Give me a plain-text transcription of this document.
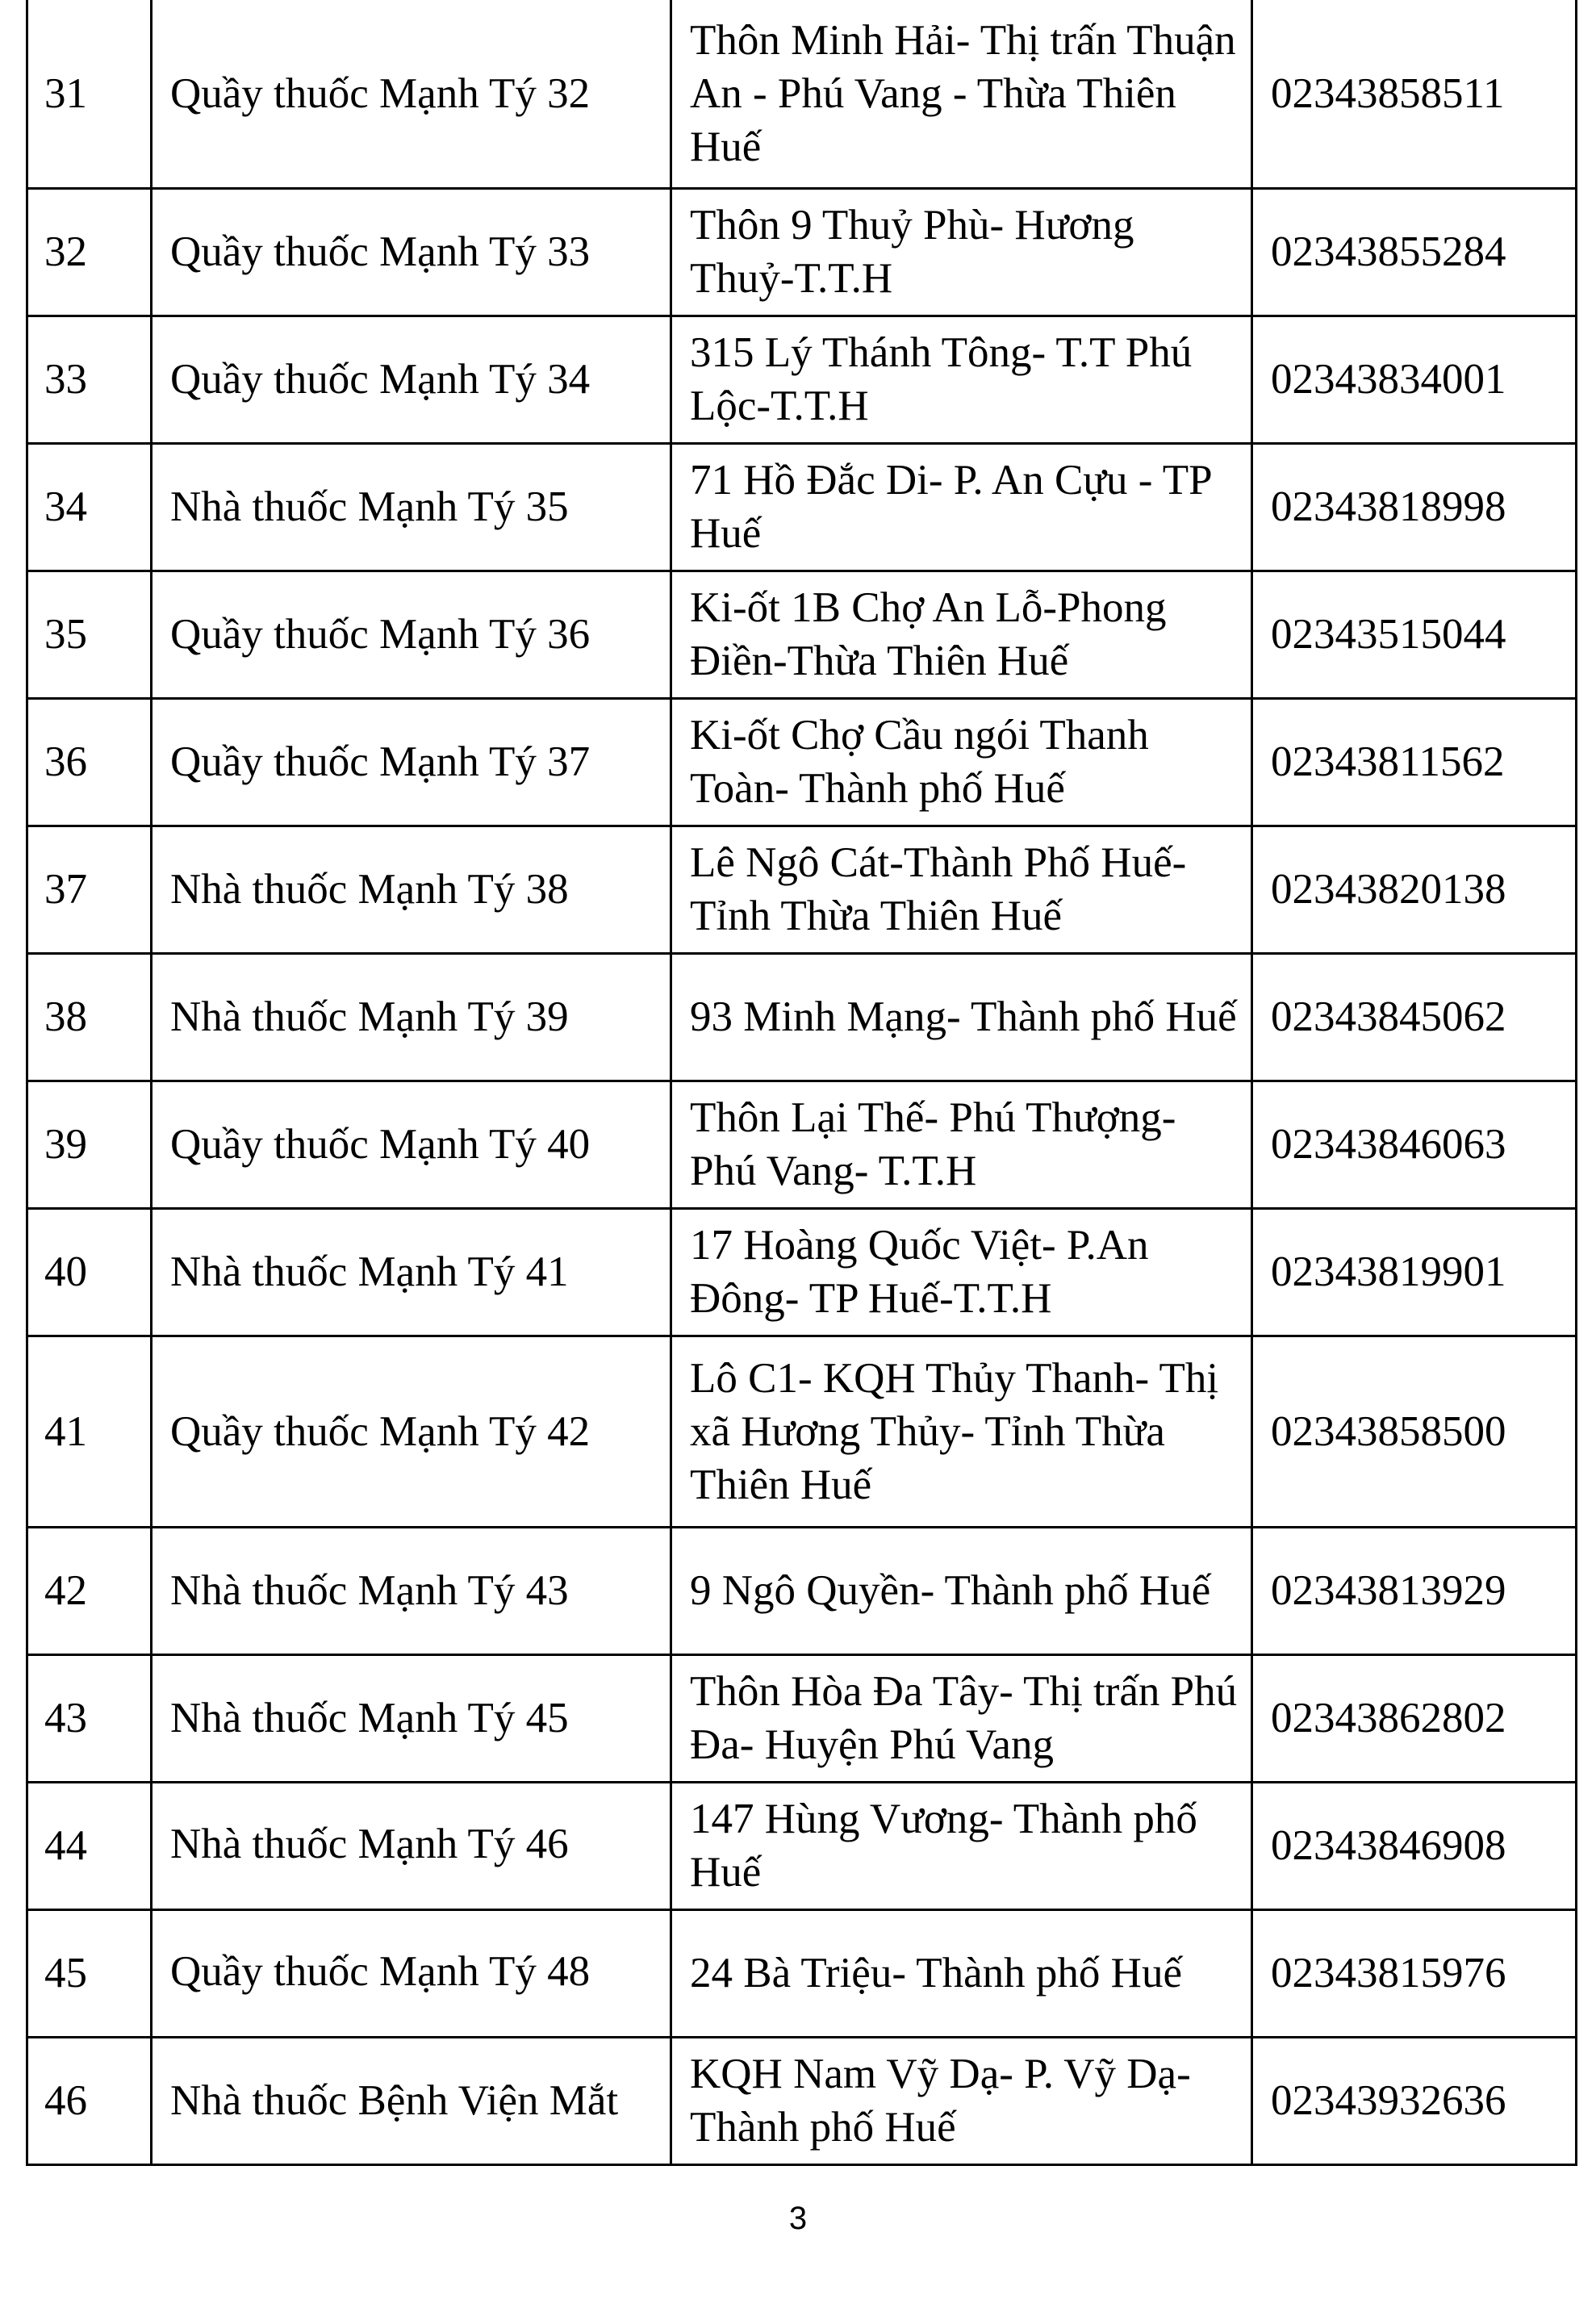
31	Quầy thuốc Mạnh Tý 32	Thôn Minh Hải- Thị trấn Thuận An - Phú Vang - Thừa Thiên Huế	02343858511
32	Quầy thuốc Mạnh Tý 33	Thôn 9 Thuỷ Phù- Hương Thuỷ-T.T.H	02343855284
33	Quầy thuốc Mạnh Tý 34	315 Lý Thánh Tông- T.T Phú Lộc-T.T.H	02343834001
34	Nhà thuốc Mạnh Tý 35	71 Hồ Đắc Di- P. An Cựu - TP Huế	02343818998
35	Quầy thuốc Mạnh Tý 36	Ki-ốt 1B Chợ An Lỗ-Phong Điền-Thừa Thiên Huế	02343515044
36	Quầy thuốc Mạnh Tý 37	Ki-ốt Chợ Cầu ngói Thanh Toàn- Thành phố Huế	02343811562
37	Nhà thuốc Mạnh Tý 38	Lê Ngô Cát-Thành Phố Huế-Tỉnh Thừa Thiên Huế	02343820138
38	Nhà thuốc Mạnh Tý 39	93 Minh Mạng- Thành phố Huế	02343845062
39	Quầy thuốc Mạnh Tý 40	Thôn Lại Thế- Phú Thượng- Phú Vang- T.T.H	02343846063
40	Nhà thuốc Mạnh Tý 41	17 Hoàng Quốc Việt- P.An Đông- TP Huế-T.T.H	02343819901
41	Quầy thuốc Mạnh Tý 42	Lô C1- KQH Thủy Thanh- Thị xã Hương Thủy- Tỉnh Thừa Thiên Huế	02343858500
42	Nhà thuốc Mạnh Tý 43	9 Ngô Quyền- Thành phố Huế	02343813929
43	Nhà thuốc Mạnh Tý 45	Thôn Hòa Đa Tây- Thị trấn Phú Đa- Huyện Phú Vang	02343862802
44	Nhà thuốc Mạnh Tý 46	147 Hùng Vương- Thành phố Huế	02343846908
45	Quầy thuốc Mạnh Tý 48	24 Bà Triệu- Thành phố Huế	02343815976
46	Nhà thuốc Bệnh Viện Mắt	KQH Nam Vỹ Dạ- P. Vỹ Dạ- Thành phố Huế	02343932636
3
